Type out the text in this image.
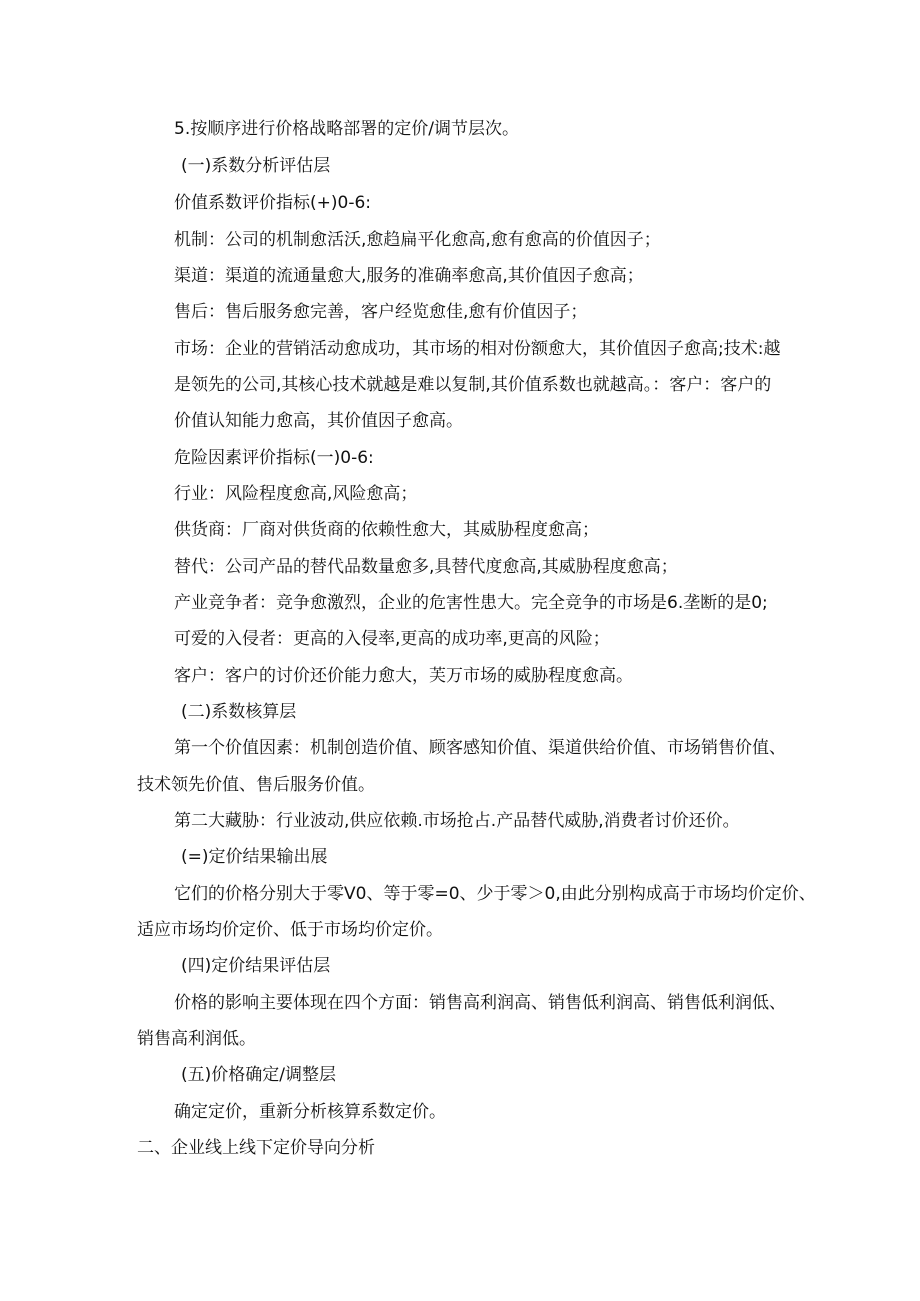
5.按顺序进行价格战略部署的定价/调节层次。
(一)系数分析评估层
价值系数评价指标(+)0-6:
机制：公司的机制愈活沃,愈趋扁平化愈高,愈有愈高的价值因子；
渠道：渠道的流通量愈大,服务的准确率愈高,其价值因子愈高；
售后：售后服务愈完善，客户经览愈佳,愈有价值因子；
市场：企业的营销活动愈成功，其市场的相对份额愈大，其价值因子愈高;技术:越
是领先的公司,其核心技术就越是难以复制,其价值系数也就越高。：客户：客户的
价值认知能力愈高，其价值因子愈高。
危险因素评价指标(一)0-6:
行业：风险程度愈高,风险愈高；
供货商：厂商对供货商的依赖性愈大，其威胁程度愈高；
替代：公司产品的替代品数量愈多,具替代度愈高,其威胁程度愈高；
产业竞争者：竞争愈激烈，企业的危害性患大。完全竞争的市场是6.垄断的是0;
可爱的入侵者：更高的入侵率,更高的成功率,更高的风险；
客户：客户的讨价还价能力愈大，芙万市场的威胁程度愈高。
(二)系数核算层
第一个价值因素：机制创造价值、顾客感知价值、渠道供给价值、市场销售价值、
技术领先价值、售后服务价值。
第二大藏胁：行业波动,供应依赖.市场抢占.产品替代威胁,消费者讨价还价。
(=)定价结果输出展
它们的价格分别大于零V0、等于零=0、少于零＞0,由此分别构成高于市场均价定价、
适应市场均价定价、低于市场均价定价。
(四)定价结果评估层
价格的影响主要体现在四个方面：销售高利润高、销售低利润高、销售低利润低、
销售高利润低。
(五)价格确定/调整层
确定定价，重新分析核算系数定价。
二、企业线上线下定价导向分析
